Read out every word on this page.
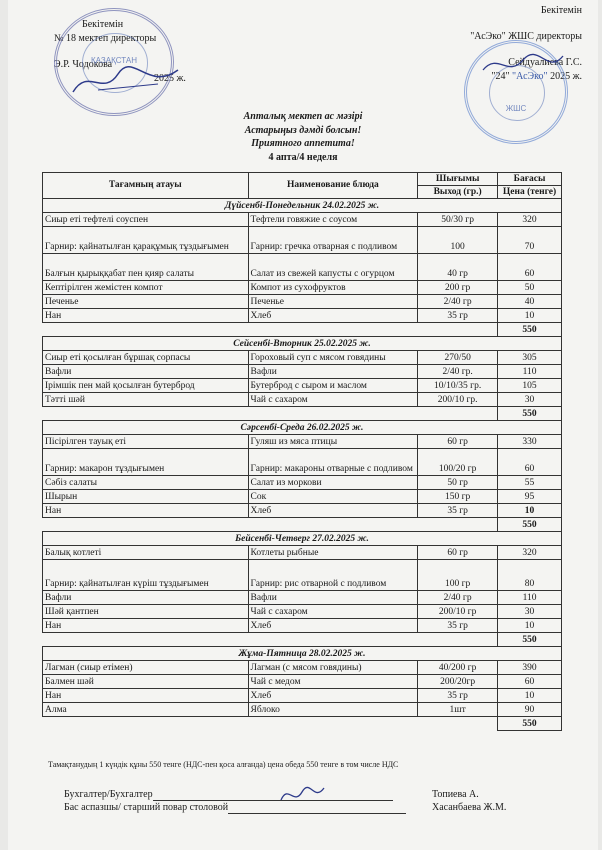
Бекітемін
№ 18 мектеп директоры
Э.Р. Чодокова
2025 ж.
ҚАЗАҚСТАН
Бекітемін
"АсЭко" ЖШС директоры
Сейдуалиева Г.С.
"24" "АсЭко" 2025 ж.
ЖШС
Апталық мектеп ас мәзірі
Астарыңыз дәмді болсын!
Приятного аппетита!
4 апта/4 неделя
Тағамның атауы	Наименование блюда	Шығымы	Бағасы
		Выход (гр.)	Цена (тенге)
Дүйсенбі-Понедельник 24.02.2025 ж.			
Сиыр еті тефтелі соуспен	Тефтели говяжие с соусом	50/30 гр	320
Гарнир: қайнатылған қарақұмық тұздығымен	Гарнир: гречка отварная с подливом	100	70
Балғын қырыққабат пен қияр салаты	Салат из свежей капусты с огурцом	40 гр	60
Кептірілген жемістен компот	Компот из сухофруктов	200 гр	50
Печенье	Печенье	2/40 гр	40
Нан	Хлеб	35 гр	10
			550
Сейсенбі-Вторник 25.02.2025 ж.			
Сиыр еті қосылған бұршақ сорпасы	Гороховый суп с мясом говядины	270/50	305
Вафли	Вафли	2/40 гр.	110
Ірімшік пен май қосылған бутерброд	Бутерброд с сыром и маслом	10/10/35 гр.	105
Тәтті шәй	Чай с сахаром	200/10 гр.	30
			550
Сәрсенбі-Среда 26.02.2025 ж.			
Пісірілген тауық еті	Гуляш из мяса птицы	60 гр	330
Гарнир: макарон тұздығымен	Гарнир: макароны отварные с подливом	100/20 гр	60
Сәбіз салаты	Салат из моркови	50 гр	55
Шырын	Сок	150 гр	95
Нан	Хлеб	35 гр	10
			550
Бейсенбі-Четверг 27.02.2025 ж.			
Балық котлеті	Котлеты рыбные	60 гр	320
Гарнир: қайнатылған күріш тұздығымен	Гарнир: рис отварной с подливом	100 гр	80
Вафли	Вафли	2/40 гр	110
Шәй қантпен	Чай с сахаром	200/10 гр	30
Нан	Хлеб	35 гр	10
			550
Жұма-Пятница 28.02.2025 ж.			
Лагман (сиыр етімен)	Лагман (с мясом говядины)	40/200 гр	390
Балмен шәй	Чай с медом	200/20гр	60
Нан	Хлеб	35 гр	10
Алма	Яблоко	1шт	90
			550
Тамақтанудың 1 күндік құны 550 тенге (НДС-пен қоса алғанда) цена обеда 550 тенге в том числе НДС
Бухгалтер/Бухгалтер
Бас аспазшы/ старший повар столовой
Топиева А.
Хасанбаева Ж.М.
